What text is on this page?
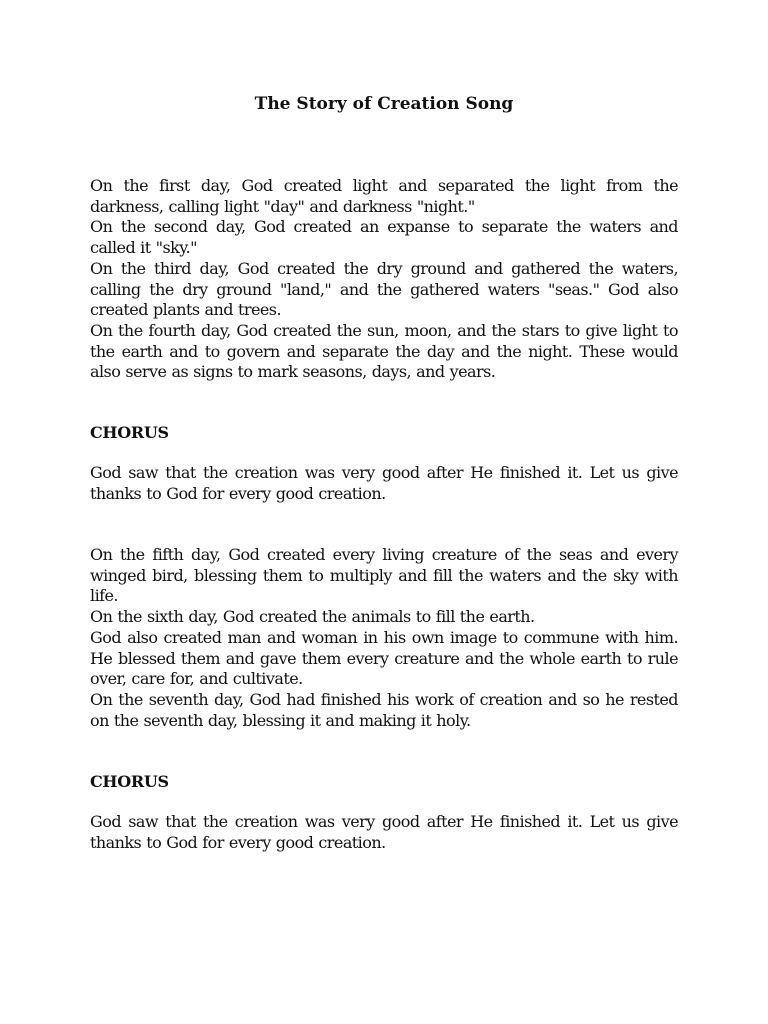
The Story of Creation Song

On the first day, God created light and separated the light from the darkness, calling light "day" and darkness "night."

On the second day, God created an expanse to separate the waters and called it "sky."

On the third day, God created the dry ground and gathered the waters, calling the dry ground "land," and the gathered waters "seas." God also created plants and trees.

On the fourth day, God created the sun, moon, and the stars to give light to the earth and to govern and separate the day and the night. These would also serve as signs to mark seasons, days, and years.

CHORUS

God saw that the creation was very good after He finished it. Let us give thanks to God for every good creation.

On the fifth day, God created every living creature of the seas and every winged bird, blessing them to multiply and fill the waters and the sky with life.

On the sixth day, God created the animals to fill the earth.

God also created man and woman in his own image to commune with him. He blessed them and gave them every creature and the whole earth to rule over, care for, and cultivate.

On the seventh day, God had finished his work of creation and so he rested on the seventh day, blessing it and making it holy.

CHORUS

God saw that the creation was very good after He finished it. Let us give thanks to God for every good creation.
